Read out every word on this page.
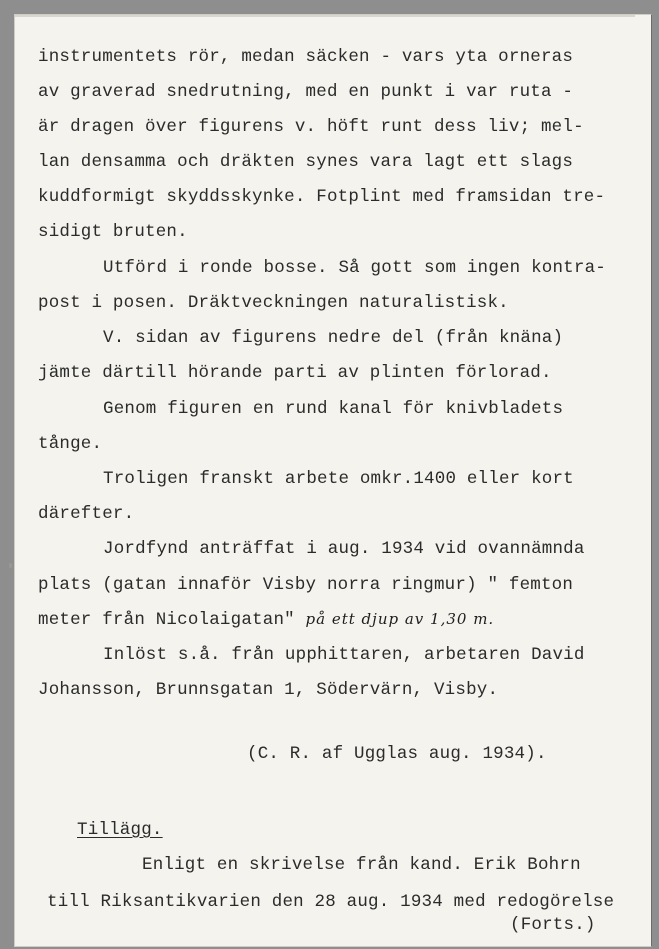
instrumentets rör, medan säcken - vars yta orneras
av graverad snedrutning, med en punkt i var ruta -
är dragen över figurens v. höft runt dess liv; mel-
lan densamma och dräkten synes vara lagt ett slags
kuddformigt skyddsskynke. Fotplint med framsidan tre-
sidigt bruten.
Utförd i ronde bosse. Så gott som ingen kontra-
post i posen. Dräktveckningen naturalistisk.
V. sidan av figurens nedre del (från knäna)
jämte därtill hörande parti av plinten förlorad.
Genom figuren en rund kanal för knivbladets
tånge.
Troligen franskt arbete omkr.1400 eller kort
därefter.
Jordfynd anträffat i aug. 1934 vid ovannämnda
plats (gatan innaför Visby norra ringmur) " femton
meter från Nicolaigatan" på ett djup av 1,30 m.
Inlöst s.å. från upphittaren, arbetaren David
Johansson, Brunnsgatan 1, Södervärn, Visby.
(C. R. af Ugglas aug. 1934).
Tillägg.
Enligt en skrivelse från kand. Erik Bohrn
till Riksantikvarien den 28 aug. 1934 med redogörelse
(Forts.)
